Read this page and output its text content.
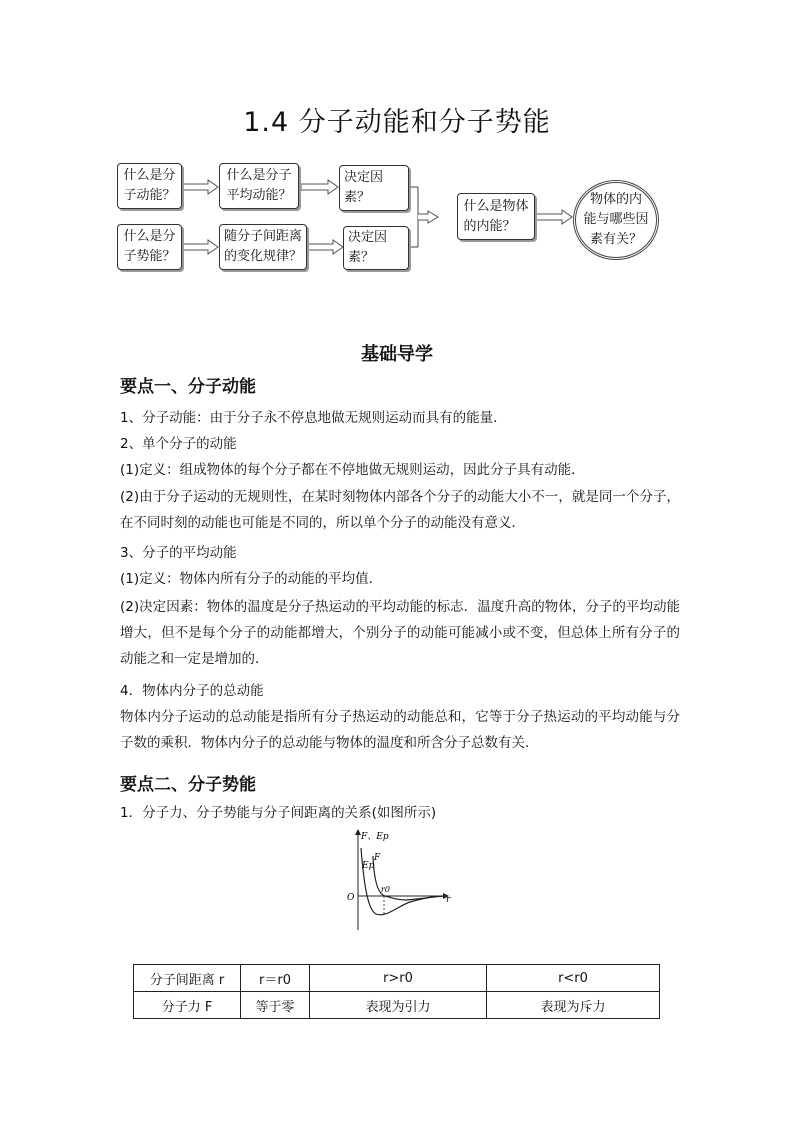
1.4 分子动能和分子势能
什么是分
子动能？
什么是分子
平均动能？
决定因素？
什么是分
子势能？
随分子间距离
的变化规律？
决定因素？
什么是物体
的内能？
物体的内
能与哪些因
素有关？
基础导学
要点一、分子动能
1、分子动能：由于分子永不停息地做无规则运动而具有的能量．
2、单个分子的动能
(1)定义：组成物体的每个分子都在不停地做无规则运动，因此分子具有动能．
(2)由于分子运动的无规则性，在某时刻物体内部各个分子的动能大小不一，就是同一个分子，在不同时刻的动能也可能是不同的，所以单个分子的动能没有意义．
3、分子的平均动能
(1)定义：物体内所有分子的动能的平均值．
(2)决定因素：物体的温度是分子热运动的平均动能的标志．温度升高的物体，分子的平均动能增大，但不是每个分子的动能都增大，个别分子的动能可能减小或不变，但总体上所有分子的动能之和一定是增加的．
4．物体内分子的总动能
物体内分子运动的总动能是指所有分子热运动的动能总和，它等于分子热运动的平均动能与分子数的乘积．物体内分子的总动能与物体的温度和所含分子总数有关．
要点二、分子势能
1．分子力、分子势能与分子间距离的关系(如图所示)
F、Ep
Ep
F
O
r0
r
分子间距离 r	r＝r0	r>r0	r<r0
分子力 F	等于零	表现为引力	表现为斥力
